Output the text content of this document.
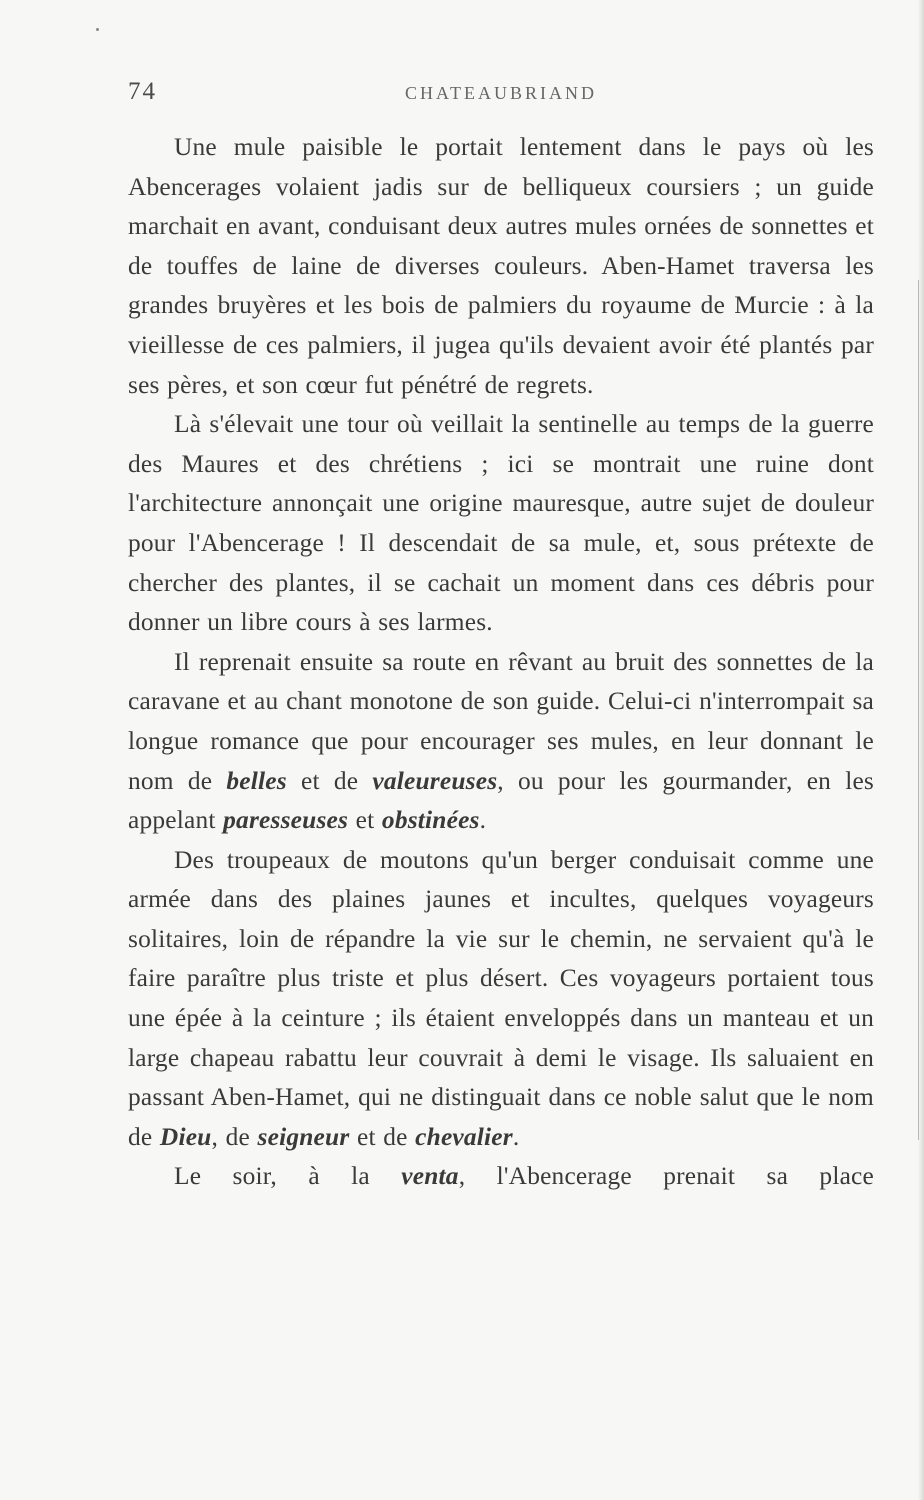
74	CHATEAUBRIAND

Une mule paisible le portait lentement dans le pays où les Abencerages volaient jadis sur de belliqueux coursiers ; un guide marchait en avant, conduisant deux autres mules ornées de sonnettes et de touffes de laine de diverses couleurs. Aben-Hamet traversa les grandes bruyères et les bois de palmiers du royaume de Murcie : à la vieillesse de ces palmiers, il jugea qu'ils devaient avoir été plantés par ses pères, et son cœur fut pénétré de regrets.

Là s'élevait une tour où veillait la sentinelle au temps de la guerre des Maures et des chrétiens ; ici se montrait une ruine dont l'architecture annonçait une origine mauresque, autre sujet de douleur pour l'Abencerage ! Il descendait de sa mule, et, sous prétexte de chercher des plantes, il se cachait un moment dans ces débris pour donner un libre cours à ses larmes.

Il reprenait ensuite sa route en rêvant au bruit des sonnettes de la caravane et au chant monotone de son guide. Celui-ci n'interrompait sa longue romance que pour encourager ses mules, en leur donnant le nom de belles et de valeureuses, ou pour les gourmander, en les appelant paresseuses et obstinées.

Des troupeaux de moutons qu'un berger conduisait comme une armée dans des plaines jaunes et incultes, quelques voyageurs solitaires, loin de répandre la vie sur le chemin, ne servaient qu'à le faire paraître plus triste et plus désert. Ces voyageurs portaient tous une épée à la ceinture ; ils étaient enveloppés dans un manteau et un large chapeau rabattu leur couvrait à demi le visage. Ils saluaient en passant Aben-Hamet, qui ne distinguait dans ce noble salut que le nom de Dieu, de seigneur et de chevalier.

Le soir, à la venta, l'Abencerage prenait sa place
